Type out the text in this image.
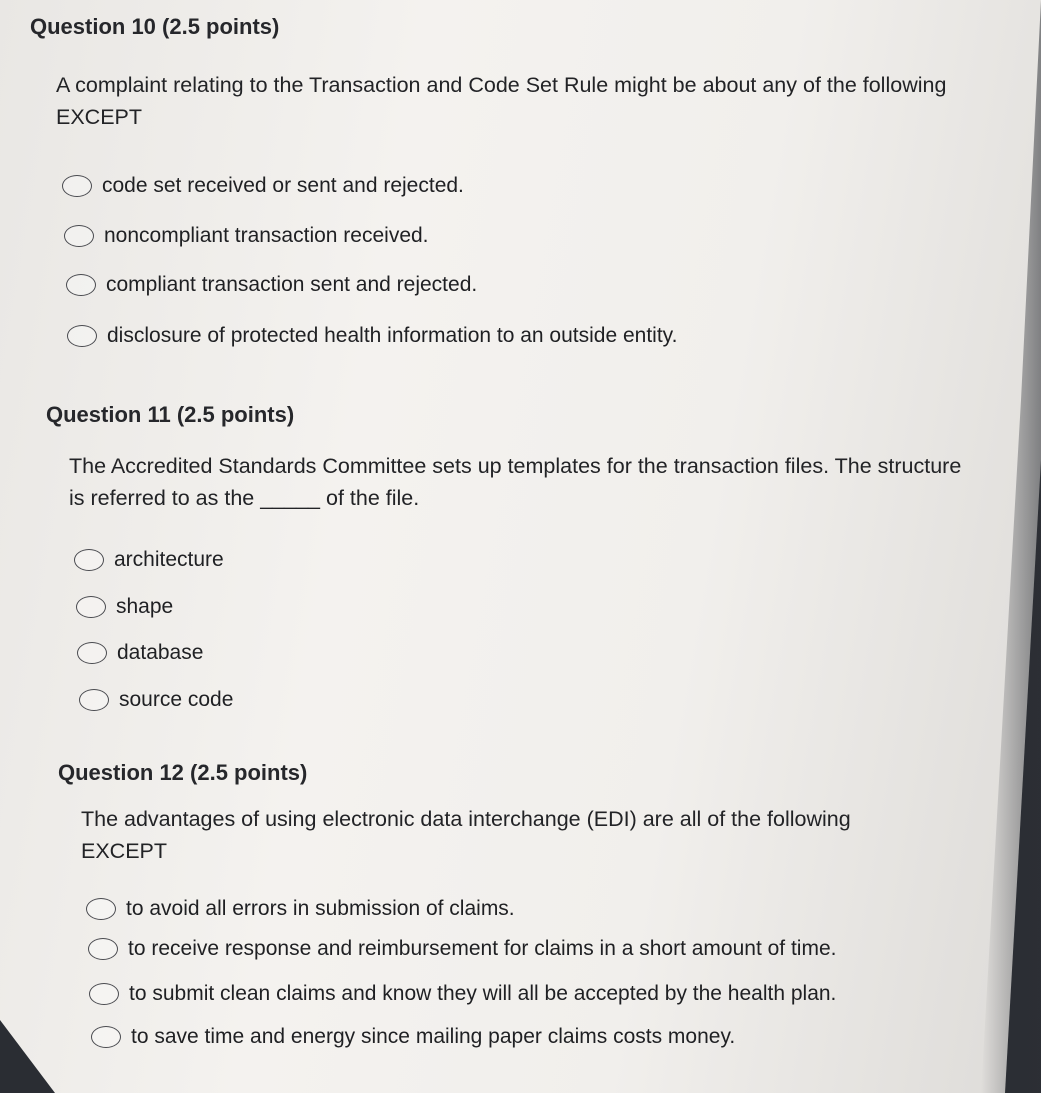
Question 10 (2.5 points)
A complaint relating to the Transaction and Code Set Rule might be about any of the following EXCEPT
code set received or sent and rejected.
noncompliant transaction received.
compliant transaction sent and rejected.
disclosure of protected health information to an outside entity.
Question 11 (2.5 points)
The Accredited Standards Committee sets up templates for the transaction files. The structure is referred to as the _____ of the file.
architecture
shape
database
source code
Question 12 (2.5 points)
The advantages of using electronic data interchange (EDI) are all of the following EXCEPT
to avoid all errors in submission of claims.
to receive response and reimbursement for claims in a short amount of time.
to submit clean claims and know they will all be accepted by the health plan.
to save time and energy since mailing paper claims costs money.
